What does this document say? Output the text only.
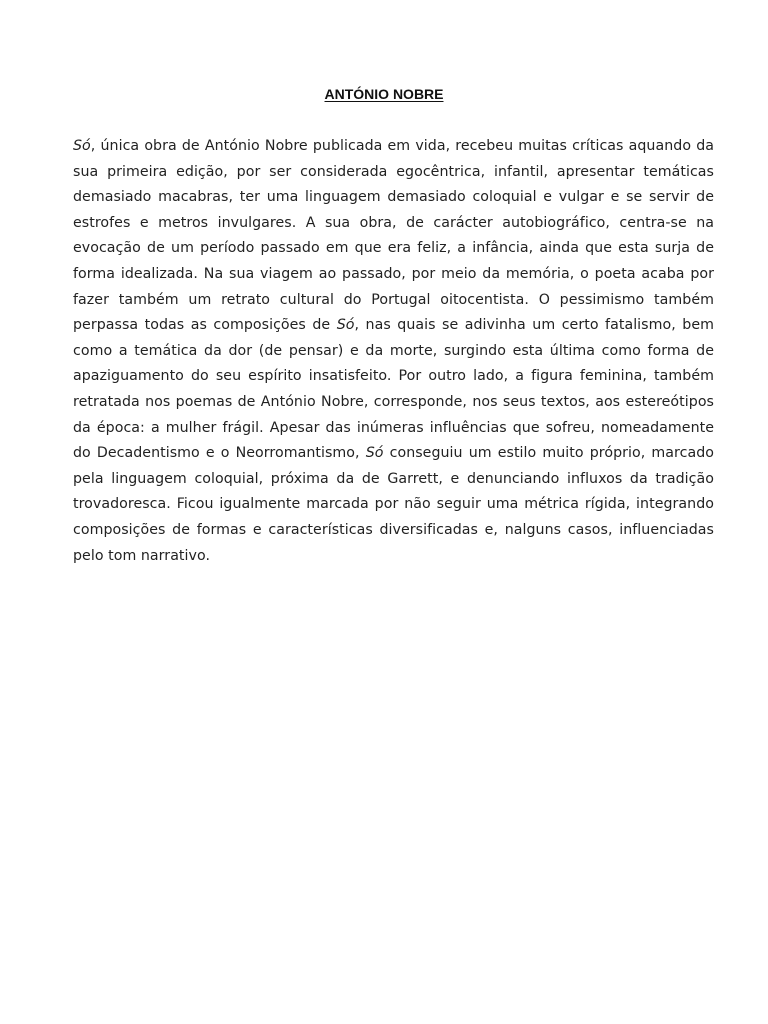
ANTÓNIO NOBRE

Só, única obra de António Nobre publicada em vida, recebeu muitas críticas aquando da sua primeira edição, por ser considerada egocêntrica, infantil, apresentar temáticas demasiado macabras, ter uma linguagem demasiado coloquial e vulgar e se servir de estrofes e metros invulgares. A sua obra, de carácter autobiográfico, centra-se na evocação de um período passado em que era feliz, a infância, ainda que esta surja de forma idealizada. Na sua viagem ao passado, por meio da memória, o poeta acaba por fazer também um retrato cultural do Portugal oitocentista. O pessimismo também perpassa todas as composições de Só, nas quais se adivinha um certo fatalismo, bem como a temática da dor (de pensar) e da morte, surgindo esta última como forma de apaziguamento do seu espírito insatisfeito. Por outro lado, a figura feminina, também retratada nos poemas de António Nobre, corresponde, nos seus textos, aos estereótipos da época: a mulher frágil. Apesar das inúmeras influências que sofreu, nomeadamente do Decadentismo e o Neorromantismo, Só conseguiu um estilo muito próprio, marcado pela linguagem coloquial, próxima da de Garrett, e denunciando influxos da tradição trovadoresca. Ficou igualmente marcada por não seguir uma métrica rígida, integrando composições de formas e características diversificadas e, nalguns casos, influenciadas pelo tom narrativo.
